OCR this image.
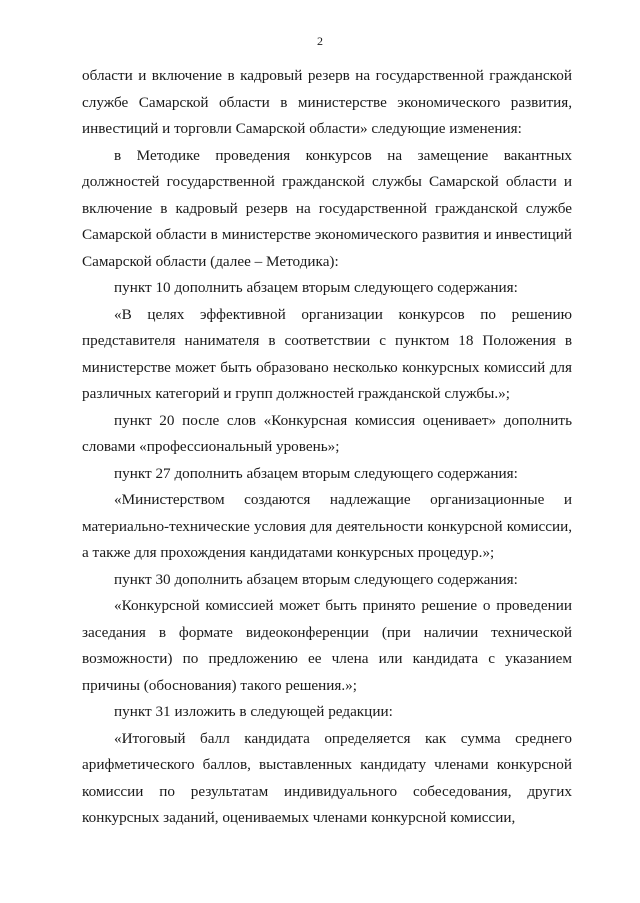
2

области и включение в кадровый резерв на государственной гражданской службе Самарской области в министерстве экономического развития, инвестиций и торговли Самарской области» следующие изменения:

в Методике проведения конкурсов на замещение вакантных должностей государственной гражданской службы Самарской области и включение в кадровый резерв на государственной гражданской службе Самарской области в министерстве экономического развития и инвестиций Самарской области (далее – Методика):

пункт 10 дополнить абзацем вторым следующего содержания:

«В целях эффективной организации конкурсов по решению представителя нанимателя в соответствии с пунктом 18 Положения в министерстве может быть образовано несколько конкурсных комиссий для различных категорий и групп должностей гражданской службы.»;

пункт 20 после слов «Конкурсная комиссия оценивает» дополнить словами «профессиональный уровень»;

пункт 27 дополнить абзацем вторым следующего содержания:

«Министерством создаются надлежащие организационные и материально-технические условия для деятельности конкурсной комиссии, а также для прохождения кандидатами конкурсных процедур.»;

пункт 30 дополнить абзацем вторым следующего содержания:

«Конкурсной комиссией может быть принято решение о проведении заседания в формате видеоконференции (при наличии технической возможности) по предложению ее члена или кандидата с указанием причины (обоснования) такого решения.»;

пункт 31 изложить в следующей редакции:

«Итоговый балл кандидата определяется как сумма среднего арифметического баллов, выставленных кандидату членами конкурсной комиссии по результатам индивидуального собеседования, других конкурсных заданий, оцениваемых членами конкурсной комиссии,
